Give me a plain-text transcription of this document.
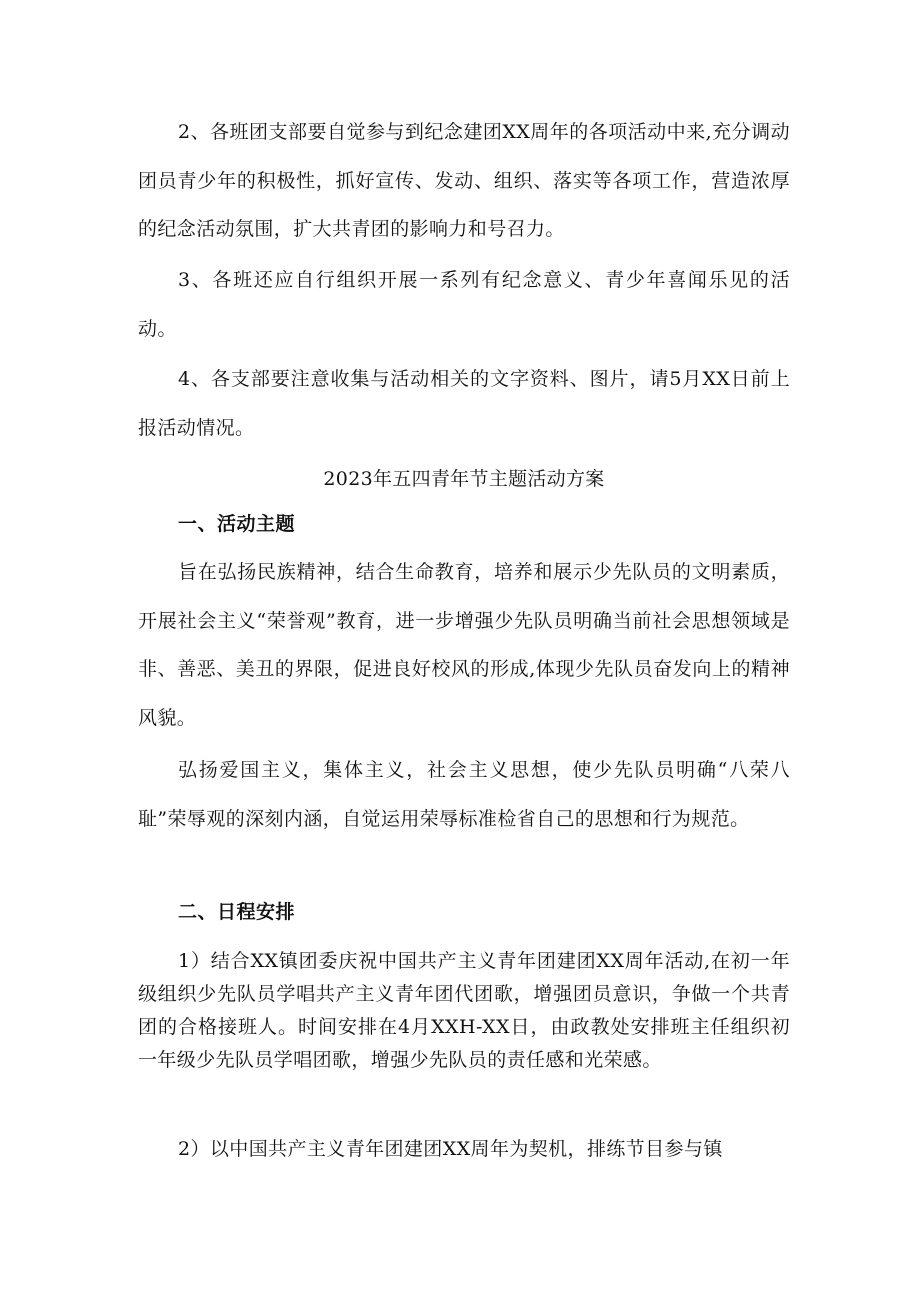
2、各班团支部要自觉参与到纪念建团XX周年的各项活动中来,充分调动团员青少年的积极性，抓好宣传、发动、组织、落实等各项工作，营造浓厚的纪念活动氛围，扩大共青团的影响力和号召力。

3、各班还应自行组织开展一系列有纪念意义、青少年喜闻乐见的活动。

4、各支部要注意收集与活动相关的文字资料、图片，请5月XX日前上报活动情况。

2023年五四青年节主题活动方案

一、活动主题

旨在弘扬民族精神，结合生命教育，培养和展示少先队员的文明素质，开展社会主义“荣誉观”教育，进一步增强少先队员明确当前社会思想领域是非、善恶、美丑的界限，促进良好校风的形成,体现少先队员奋发向上的精神风貌。

弘扬爱国主义，集体主义，社会主义思想，使少先队员明确“八荣八耻”荣辱观的深刻内涵，自觉运用荣辱标准检省自己的思想和行为规范。

二、日程安排

1）结合XX镇团委庆祝中国共产主义青年团建团XX周年活动,在初一年级组织少先队员学唱共产主义青年团代团歌，增强团员意识，争做一个共青团的合格接班人。时间安排在4月XXH-XX日，由政教处安排班主任组织初一年级少先队员学唱团歌，增强少先队员的责任感和光荣感。

2）以中国共产主义青年团建团XX周年为契机，排练节目参与镇
